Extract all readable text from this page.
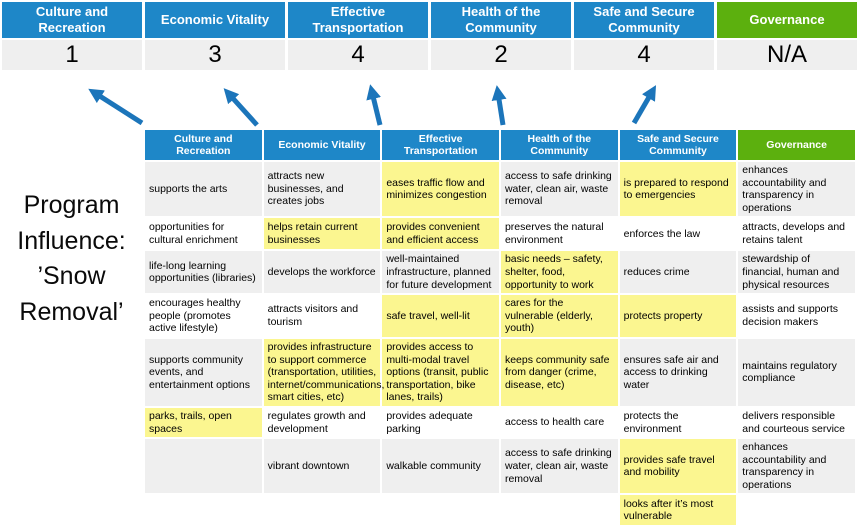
Culture and Recreation
1
Economic Vitality
3
Effective Transportation
4
Health of the Community
2
Safe and Secure Community
4
Governance
N/A
Program Influence: ’Snow Removal’
Culture and Recreation	Economic Vitality	Effective Transportation	Health of the Community	Safe and Secure Community	Governance
supports the arts	attracts new businesses, and creates jobs	eases traffic flow and minimizes congestion	access to safe drinking water, clean air, waste removal	is prepared to respond to emergencies	enhances accountability and transparency in operations
opportunities for cultural enrichment	helps retain current businesses	provides convenient and efficient access	preserves the natural environment	enforces the law	attracts, develops and retains talent
life-long learning opportunities (libraries)	develops the workforce	well-maintained infrastructure, planned for future development	basic needs – safety, shelter, food, opportunity to work	reduces crime	stewardship of financial, human and physical resources
encourages healthy people (promotes active lifestyle)	attracts visitors and tourism	safe travel, well-lit	cares for the vulnerable (elderly, youth)	protects property	assists and supports decision makers
supports community events, and entertainment options	provides infrastructure to support commerce (transportation, utilities, internet/communications, smart cities, etc)	provides access to multi-modal travel options (transit, public transportation, bike lanes, trails)	keeps community safe from danger (crime, disease, etc)	ensures safe air and access to drinking water	maintains regulatory compliance
parks, trails, open spaces	regulates growth and development	provides adequate parking	access to health care	protects the environment	delivers responsible and courteous service
	vibrant downtown	walkable community	access to safe drinking water, clean air, waste removal	provides safe travel and mobility	enhances accountability and transparency in operations
				looks after it’s most vulnerable	
